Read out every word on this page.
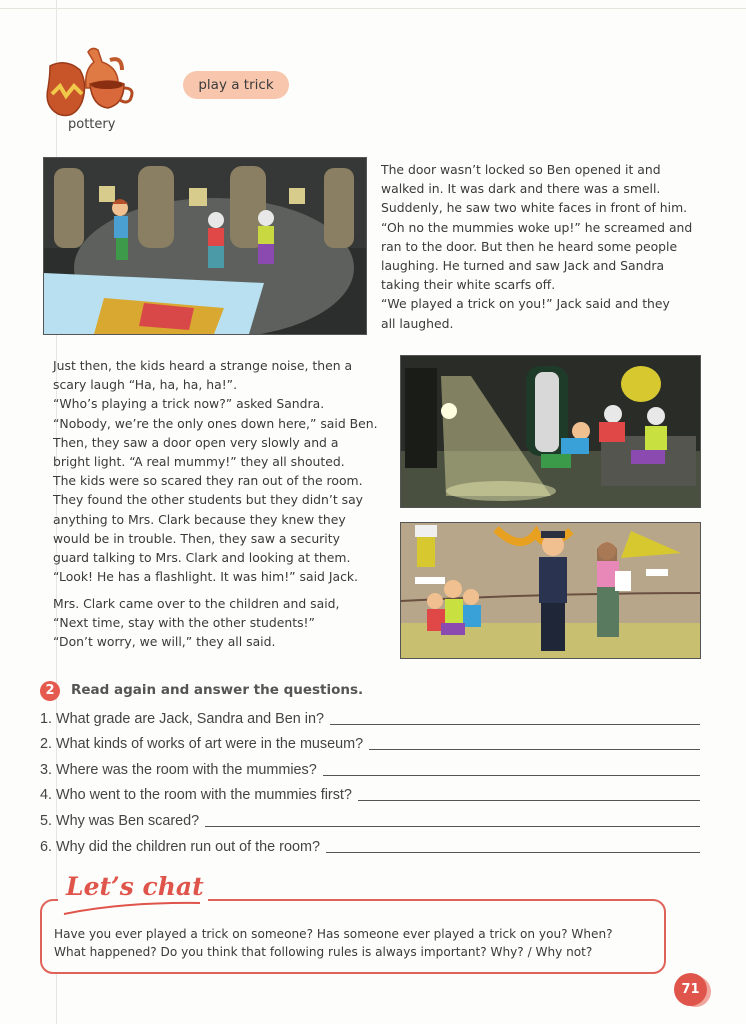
pottery
play a trick
The door wasn’t locked so Ben opened it and
walked in. It was dark and there was a smell.
Suddenly, he saw two white faces in front of him.
“Oh no the mummies woke up!” he screamed and
ran to the door. But then he heard some people
laughing. He turned and saw Jack and Sandra
taking their white scarfs off.
“We played a trick on you!” Jack said and they
all laughed.
Just then, the kids heard a strange noise, then a
scary laugh “Ha, ha, ha, ha!”.
“Who’s playing a trick now?” asked Sandra.
“Nobody, we’re the only ones down here,” said Ben.
Then, they saw a door open very slowly and a
bright light. “A real mummy!” they all shouted.
The kids were so scared they ran out of the room.
They found the other students but they didn’t say
anything to Mrs. Clark because they knew they
would be in trouble. Then, they saw a security
guard talking to Mrs. Clark and looking at them.
“Look! He has a flashlight. It was him!” said Jack.
Mrs. Clark came over to the children and said,
“Next time, stay with the other students!”
“Don’t worry, we will,” they all said.
2	Read again and answer the questions.
1. What grade are Jack, Sandra and Ben in?
2. What kinds of works of art were in the museum?
3. Where was the room with the mummies?
4. Who went to the room with the mummies first?
5. Why was Ben scared?
6. Why did the children run out of the room?
Let’s chat
Have you ever played a trick on someone? Has someone ever played a trick on you? When?
What happened? Do you think that following rules is always important? Why? / Why not?
71
